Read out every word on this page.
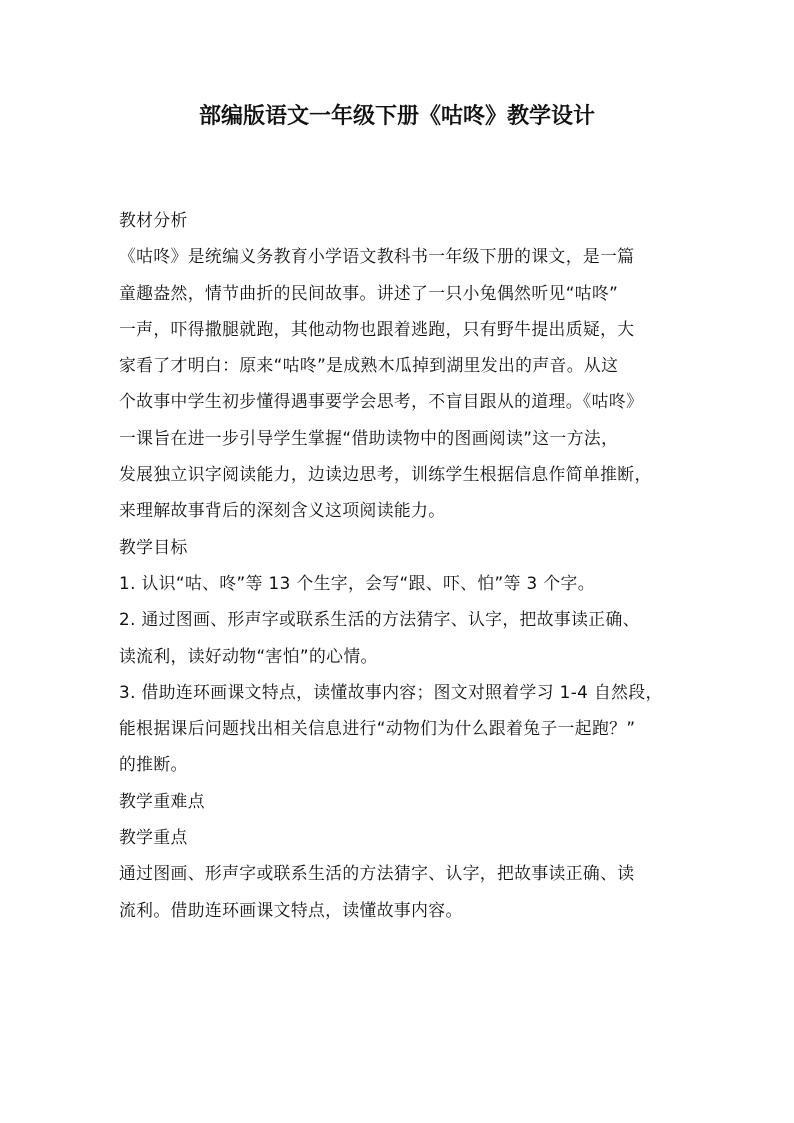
部编版语文一年级下册《咕咚》教学设计
教材分析
《咕咚》是统编义务教育小学语文教科书一年级下册的课文，是一篇
童趣盎然，情节曲折的民间故事。讲述了一只小兔偶然听见“咕咚”
一声，吓得撒腿就跑，其他动物也跟着逃跑，只有野牛提出质疑，大
家看了才明白：原来“咕咚”是成熟木瓜掉到湖里发出的声音。从这
个故事中学生初步懂得遇事要学会思考，不盲目跟从的道理。《咕咚》
一课旨在进一步引导学生掌握“借助读物中的图画阅读”这一方法，
发展独立识字阅读能力，边读边思考，训练学生根据信息作简单推断，
来理解故事背后的深刻含义这项阅读能力。
教学目标
1. 认识“咕、咚”等 13 个生字，会写“跟、吓、怕”等 3 个字。
2. 通过图画、形声字或联系生活的方法猜字、认字，把故事读正确、
读流利，读好动物“害怕”的心情。
3. 借助连环画课文特点，读懂故事内容；图文对照着学习 1-4 自然段，
能根据课后问题找出相关信息进行“动物们为什么跟着兔子一起跑？”
的推断。
教学重难点
教学重点
通过图画、形声字或联系生活的方法猜字、认字，把故事读正确、读
流利。借助连环画课文特点，读懂故事内容。
